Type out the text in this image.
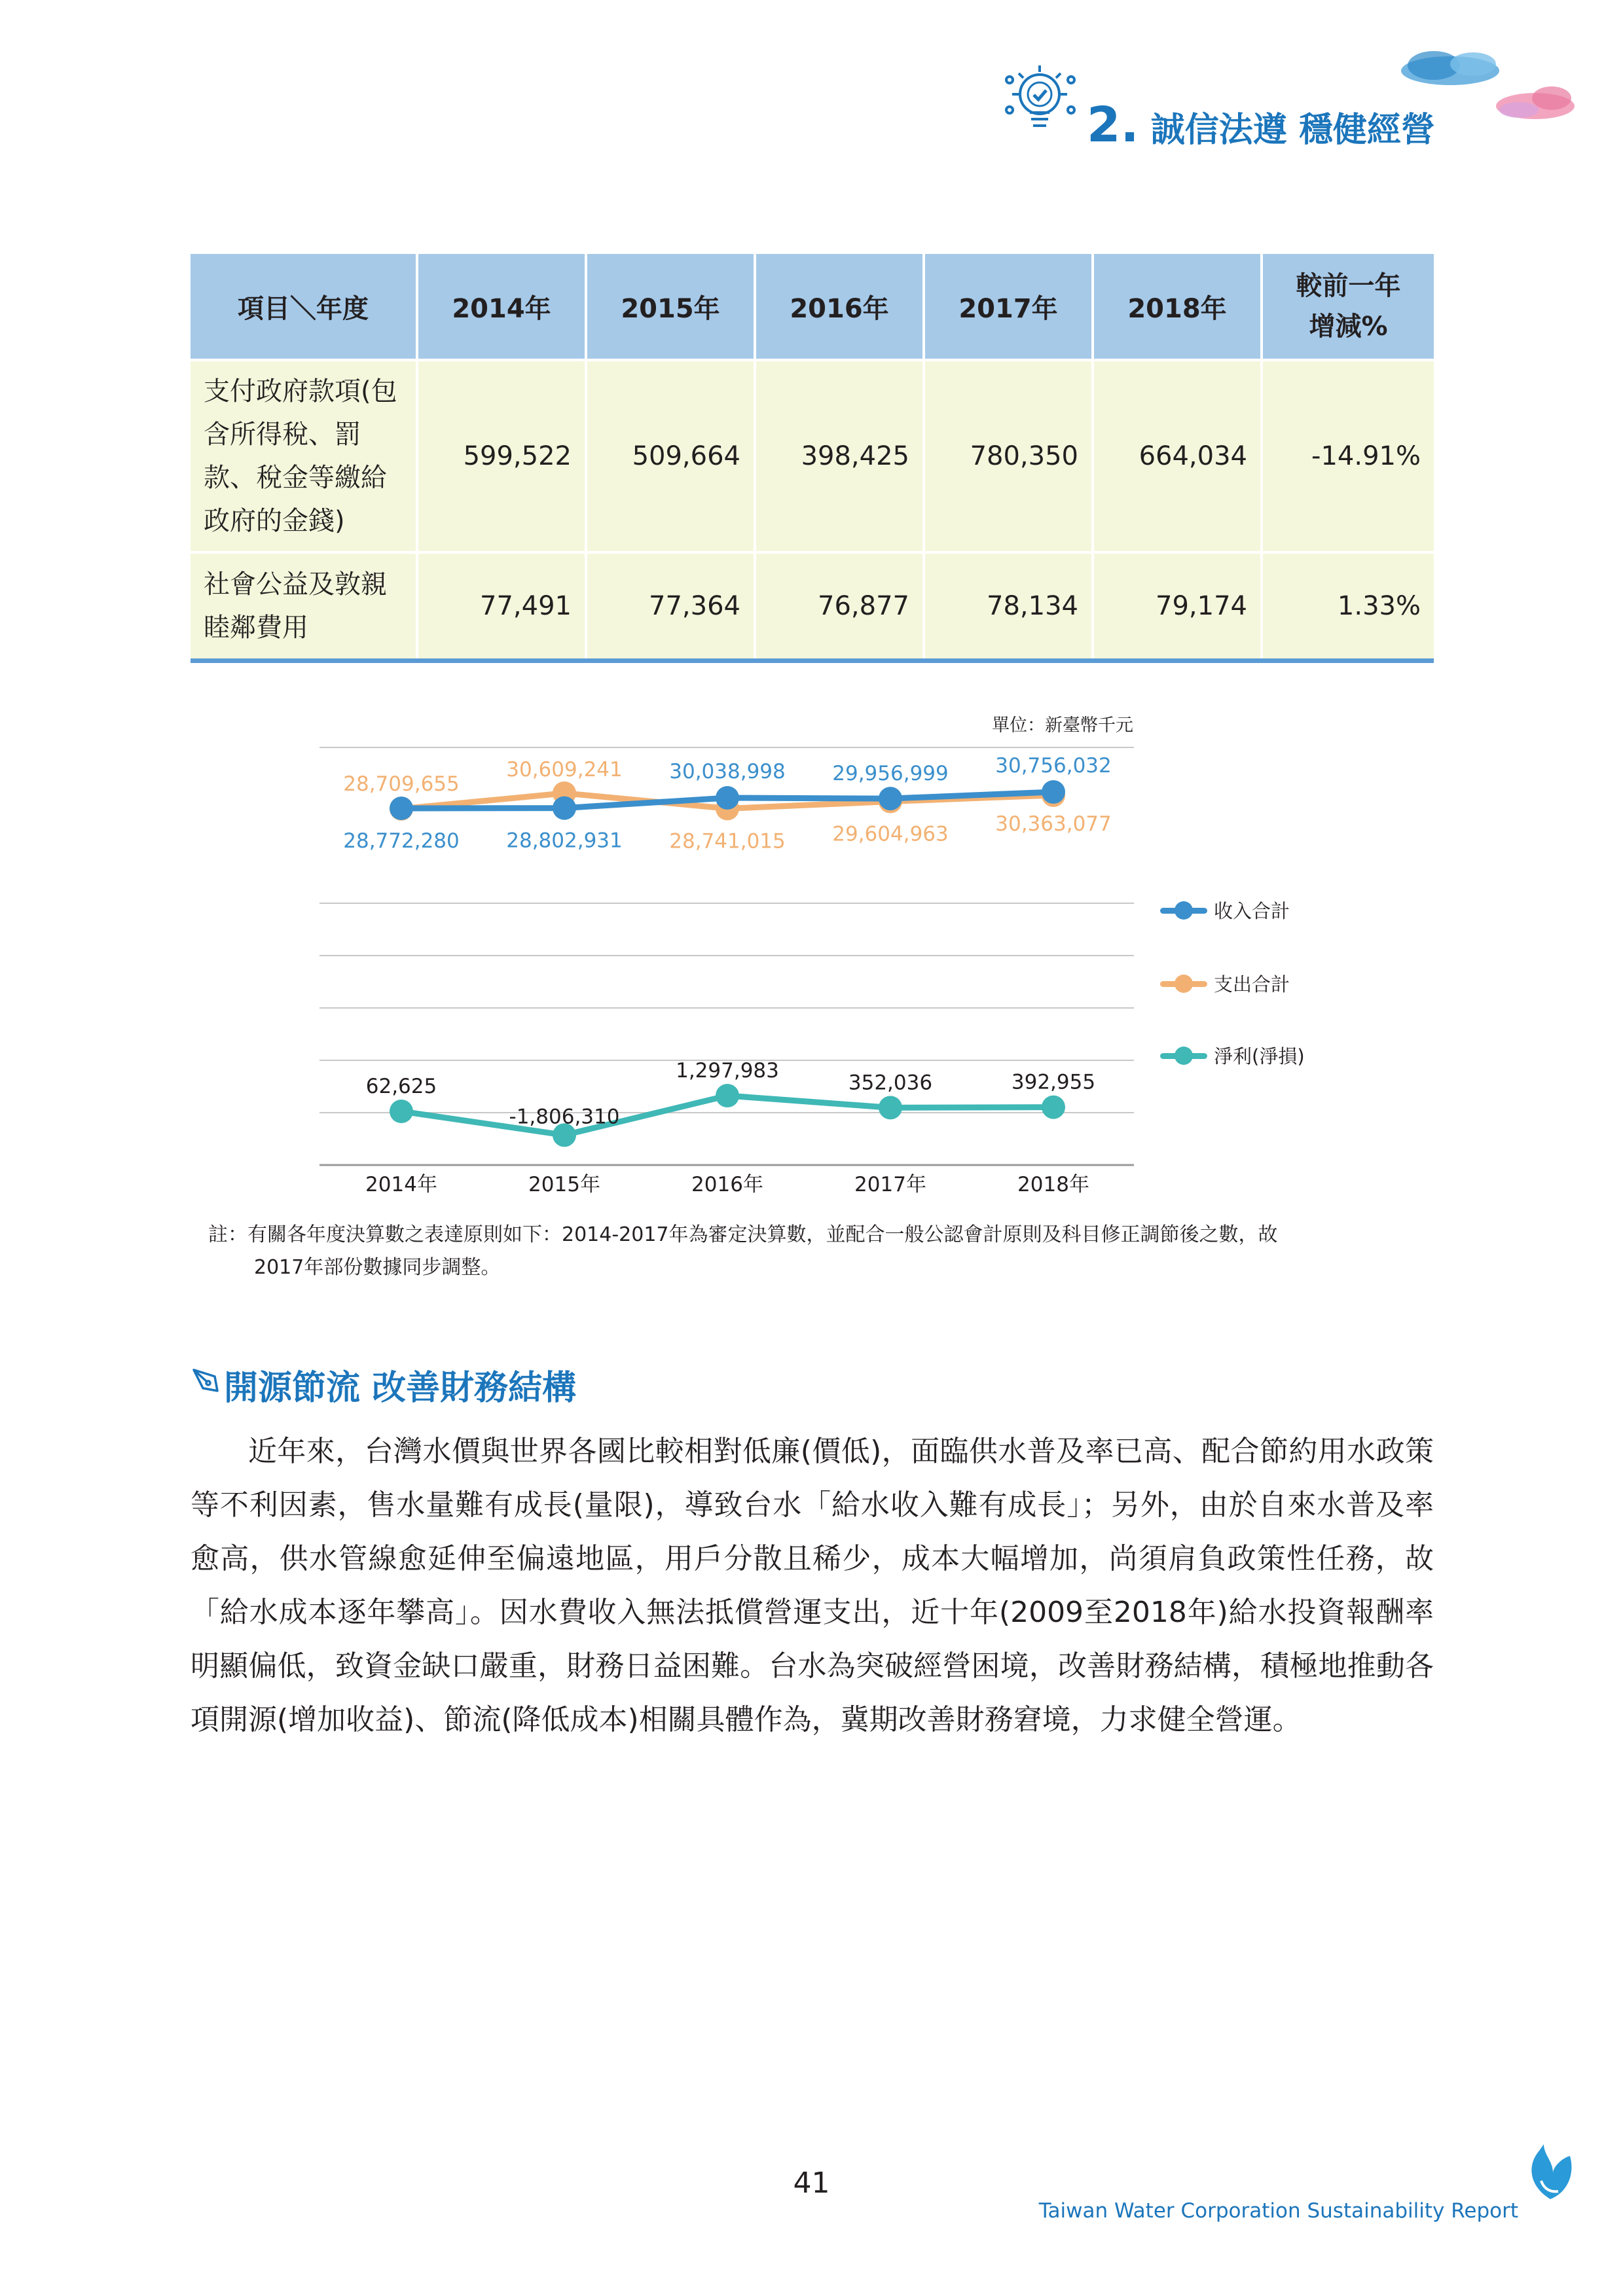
2. 誠信法遵 穩健經營
項目＼年度	2014年	2015年	2016年	2017年	2018年	較前一年
增減%
支付政府款項(包含所得稅、罰款、稅金等繳給政府的金錢)	599,522	509,664	398,425	780,350	664,034	-14.91%
社會公益及敦親睦鄰費用	77,491	77,364	76,877	78,134	79,174	1.33%
單位：新臺幣千元
28,709,655
30,609,241
28,741,015 29,604,963 30,363,077
28,772,280 28,802,931
30,038,998 29,956,999 30,756,032
62,625
-1,806,310
1,297,983
352,036	392,955
2014年	2015年	2016年	2017年	2018年
收入合計
支出合計
淨利(淨損)
註：有關各年度決算數之表達原則如下：2014-2017年為審定決算數，並配合一般公認會計原則及科目修正調節後之數，故
2017年部份數據同步調整。
開源節流 改善財務結構
近年來，台灣水價與世界各國比較相對低廉(價低)，面臨供水普及率已高、配合節約用水政策等不利因素，售水量難有成長(量限)，導致台水「給水收入難有成長」；另外，由於自來水普及率愈高，供水管線愈延伸至偏遠地區，用戶分散且稀少，成本大幅增加，尚須肩負政策性任務，故「給水成本逐年攀高」。因水費收入無法抵償營運支出，近十年(2009至2018年)給水投資報酬率明顯偏低，致資金缺口嚴重，財務日益困難。台水為突破經營困境，改善財務結構，積極地推動各項開源(增加收益)、節流(降低成本)相關具體作為，冀期改善財務窘境，力求健全營運。
41
Taiwan Water Corporation Sustainability Report
